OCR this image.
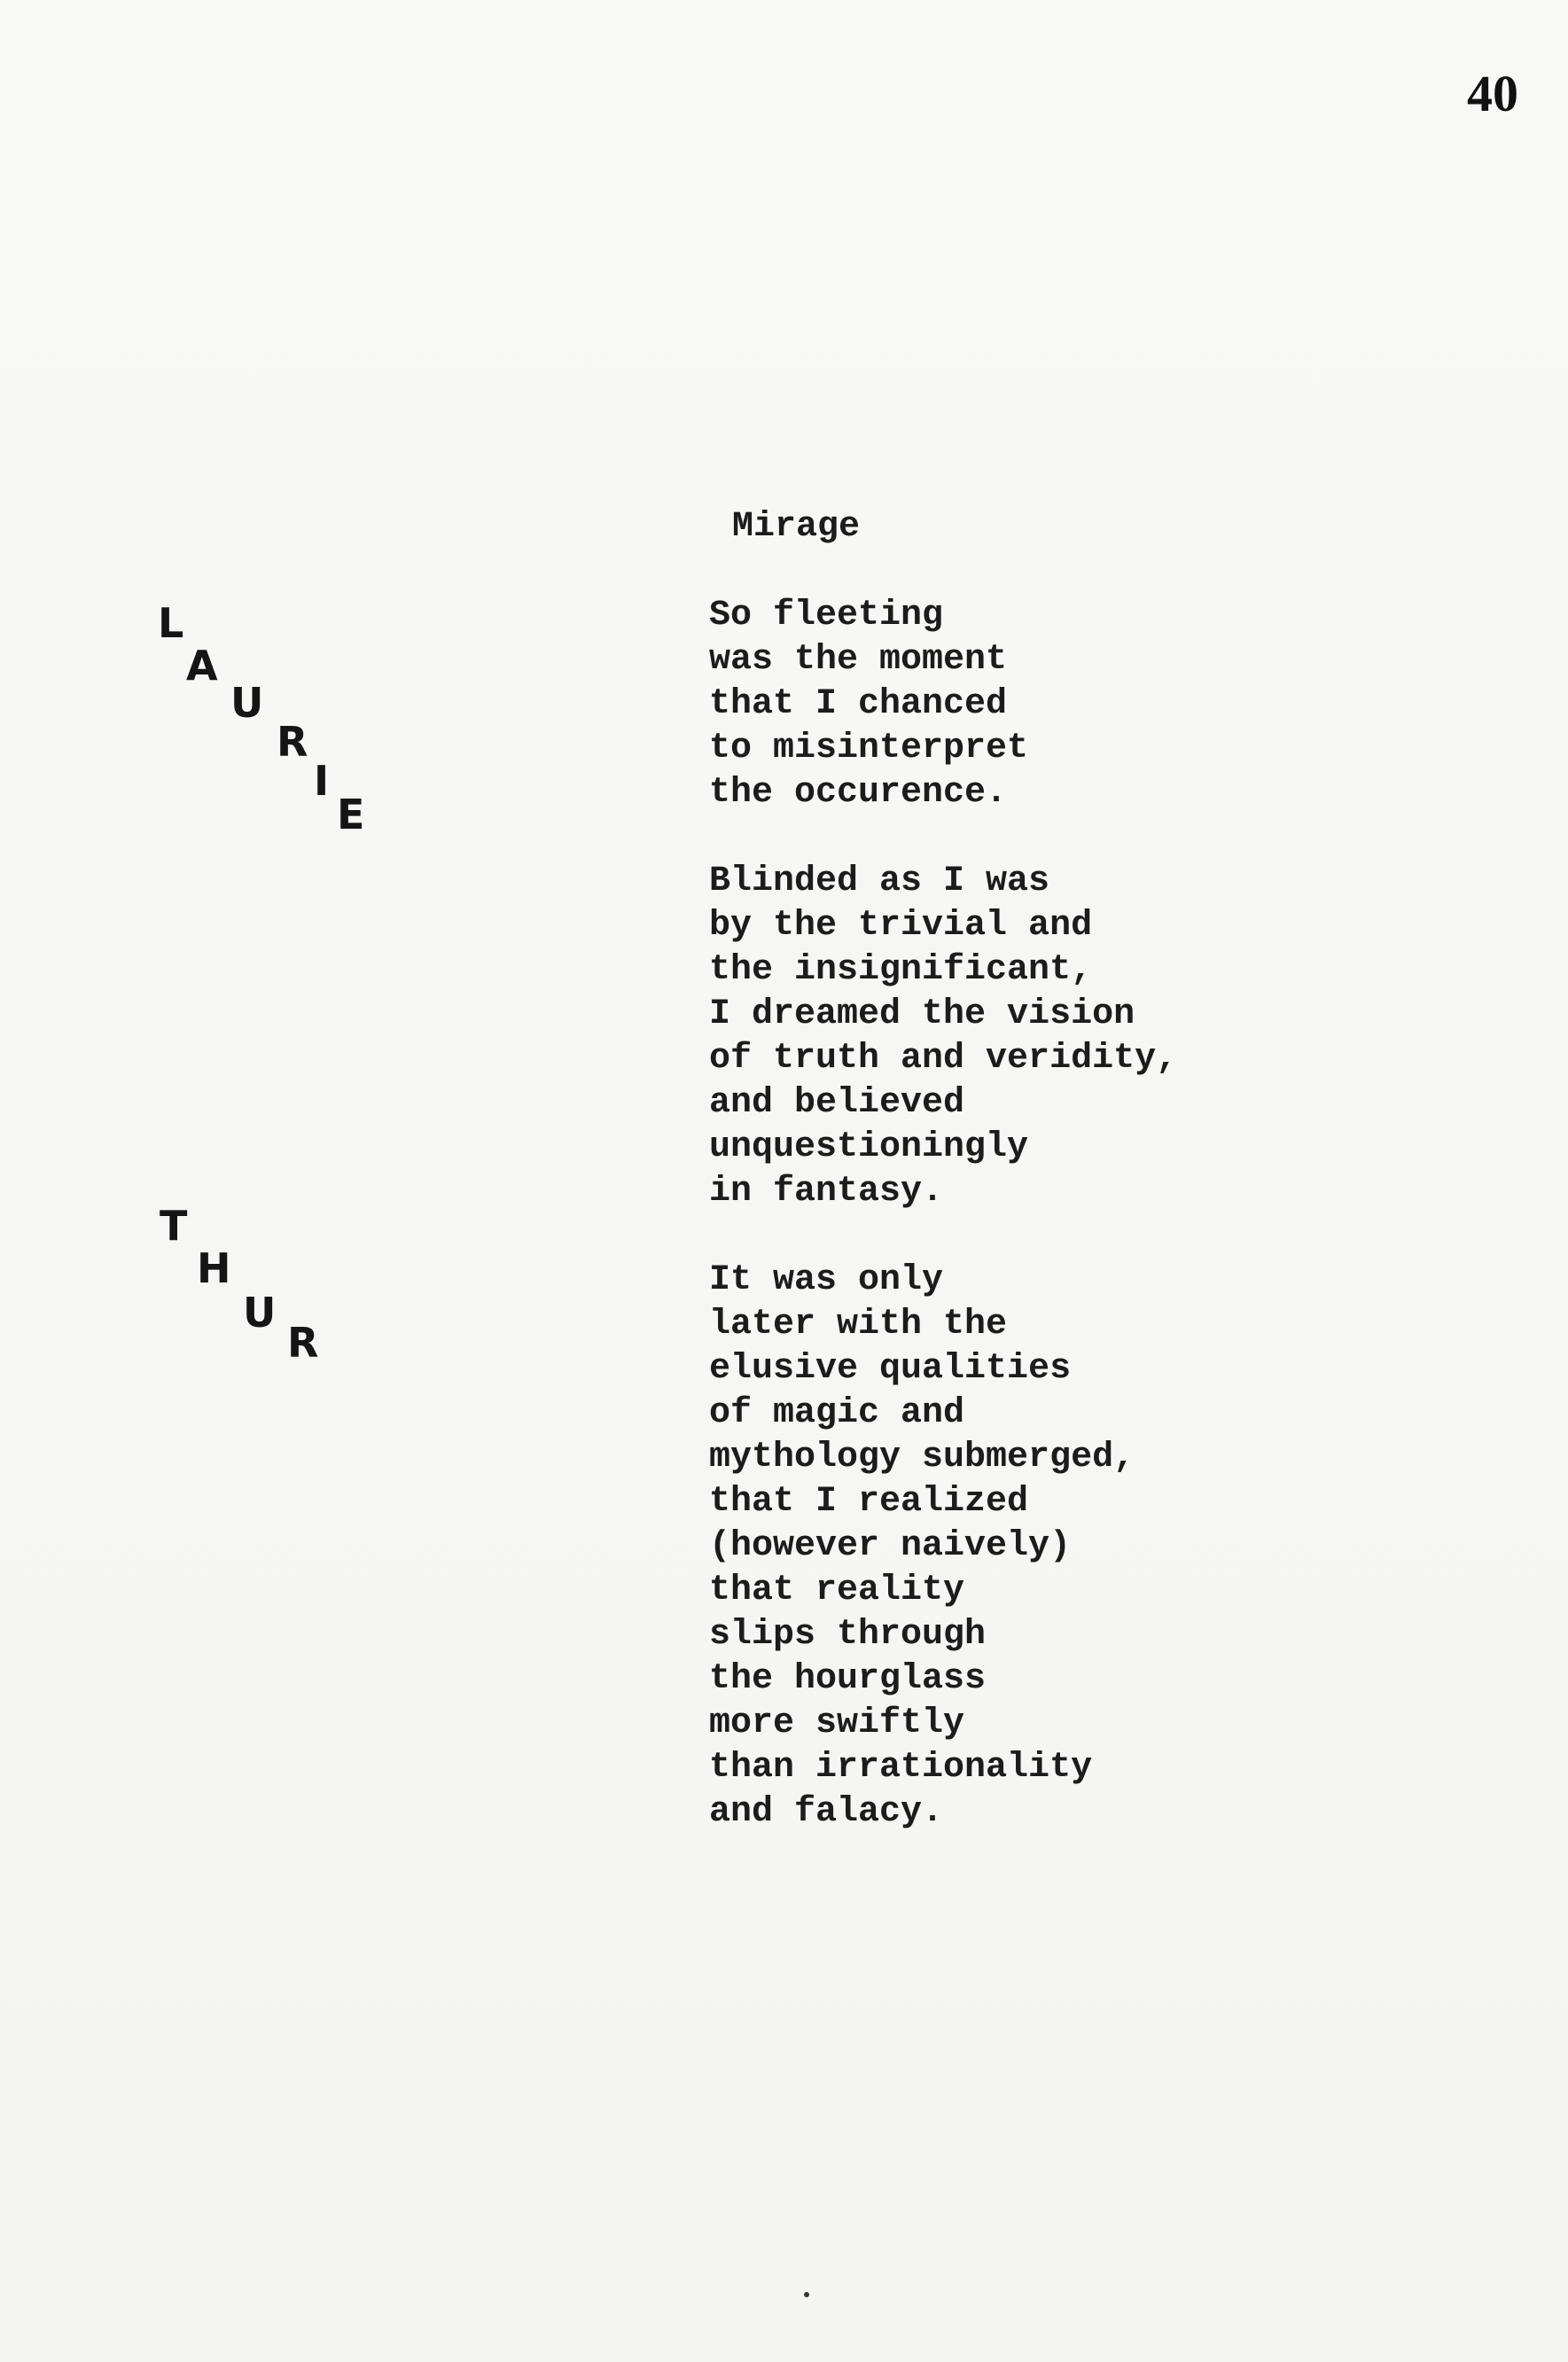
40
L
A
U
R
I
E
T
H
U
R
Mirage
So fleeting
was the moment
that I chanced
to misinterpret
the occurence.
Blinded as I was
by the trivial and
the insignificant,
I dreamed the vision
of truth and veridity,
and believed
unquestioningly
in fantasy.
It was only
later with the
elusive qualities
of magic and
mythology submerged,
that I realized
(however naively)
that reality
slips through
the hourglass
more swiftly
than irrationality
and falacy.
